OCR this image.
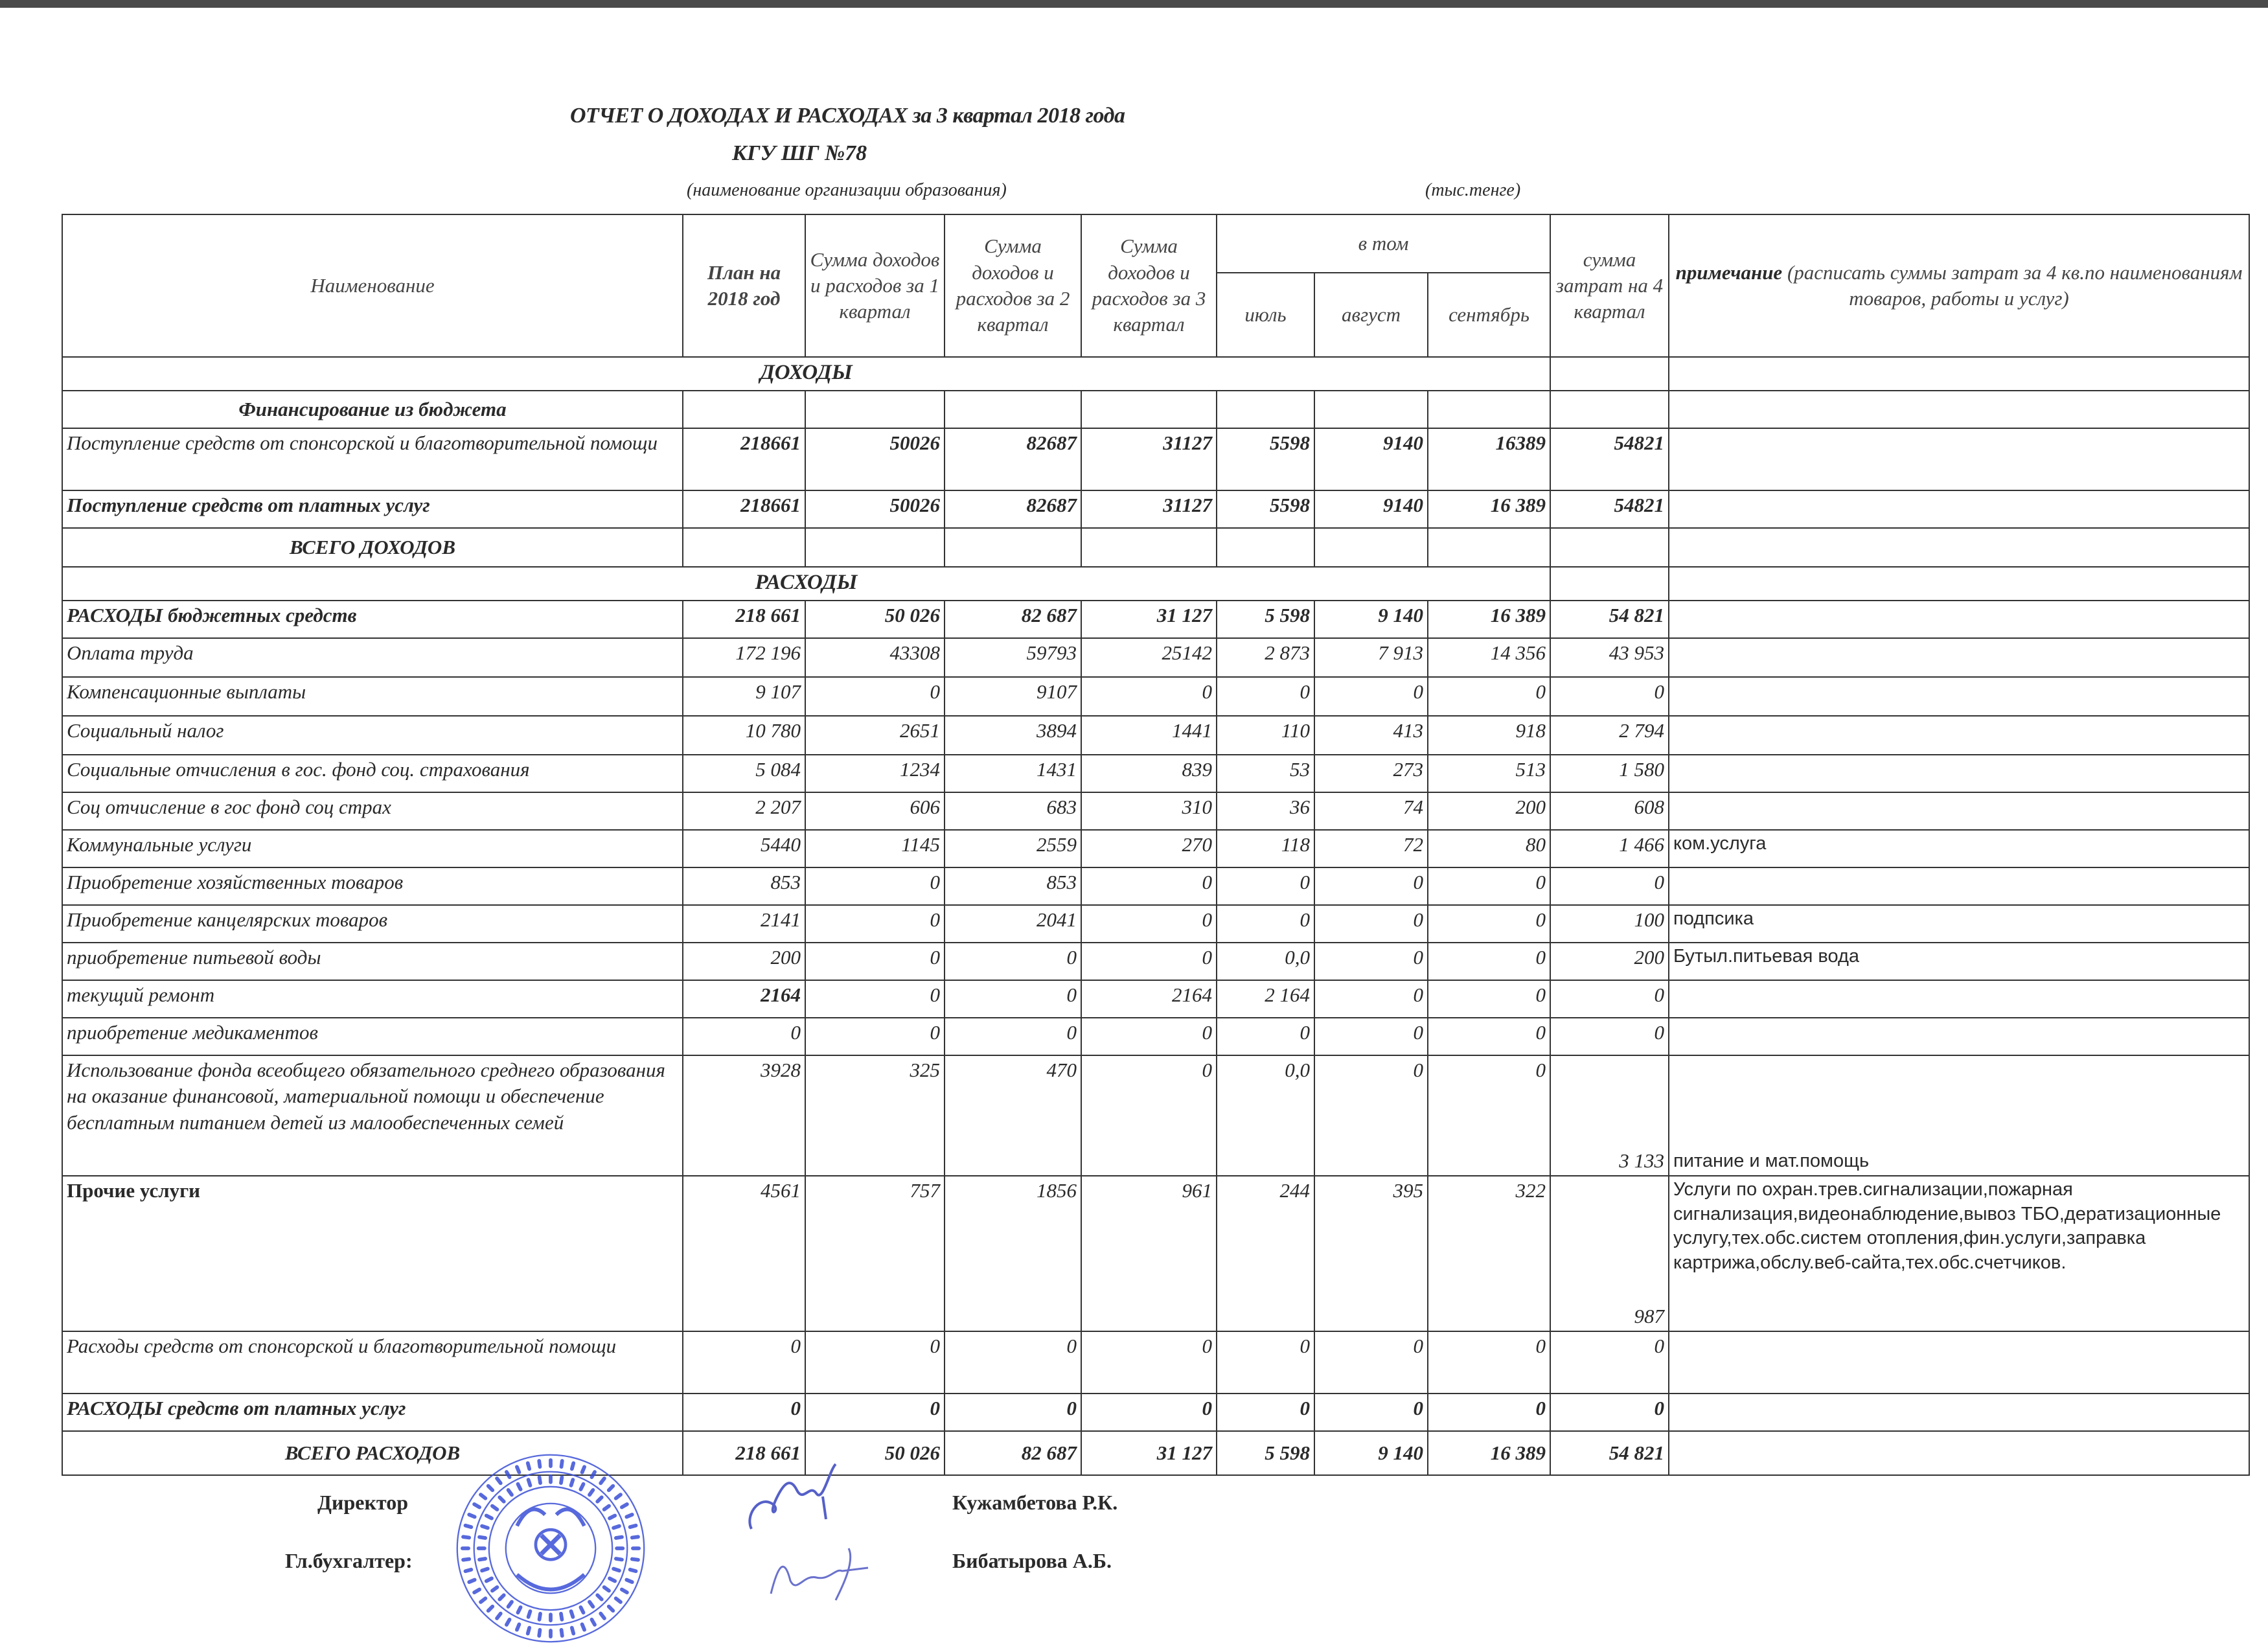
ОТЧЕТ О ДОХОДАХ И РАСХОДАХ за 3 квартал 2018 года
КГУ ШГ №78
(наименование организации образования)	(тыс.тенге)
Наименование	План на 2018 год	Сумма доходов и расходов за 1 квартал	Сумма доходов и расходов за 2 квартал	Сумма доходов и расходов за 3 квартал	в том			сумма затрат на 4 квартал	примечание (расписать суммы затрат за 4 кв.по наименованиям товаров, работы и услуг)
					июль	август	сентябрь		
ДОХОДЫ									
Финансирование из бюджета									
Поступление средств от спонсорской и благотворительной помощи	218661	50026	82687	31127	5598	9140	16389	54821	
Поступление средств от платных услуг	218661	50026	82687	31127	5598	9140	16 389	54821	
ВСЕГО ДОХОДОВ									
РАСХОДЫ									
РАСХОДЫ бюджетных средств	218 661	50 026	82 687	31 127	5 598	9 140	16 389	54 821	
Оплата труда	172 196	43308	59793	25142	2 873	7 913	14 356	43 953	
Компенсационные выплаты	9 107	0	9107	0	0	0	0	0	
Социальный налог	10 780	2651	3894	1441	110	413	918	2 794	
Социальные отчисления в гос. фонд соц. страхования	5 084	1234	1431	839	53	273	513	1 580	
Соц отчисление в гос фонд соц страх	2 207	606	683	310	36	74	200	608	
Коммунальные услуги	5440	1145	2559	270	118	72	80	1 466	ком.услуга
Приобретение хозяйственных товаров	853	0	853	0	0	0	0	0	
Приобретение канцелярских товаров	2141	0	2041	0	0	0	0	100	подпсика
приобретение питьевой воды	200	0	0	0	0,0	0	0	200	Бутыл.питьевая вода
текущий ремонт	2164	0	0	2164	2 164	0	0	0	
приобретение медикаментов	0	0	0	0	0	0	0	0	
Использование фонда всеобщего обязательного среднего образования на оказание финансовой, материальной помощи и обеспечение бесплатным питанием детей из малообеспеченных семей	3928	325	470	0	0,0	0	0	3 133	питание и мат.помощь
Прочие услуги	4561	757	1856	961	244	395	322	987	Услуги по охран.трев.сигнализации,пожарная сигнализация,видеонаблюдение,вывоз ТБО,дератизационные услугу,тех.обс.систем отопления,фин.услуги,заправка картрижа,обслу.веб-сайта,тех.обс.счетчиков.
Расходы средств от спонсорской и благотворительной помощи	0	0	0	0	0	0	0	0	
РАСХОДЫ средств от платных услуг	0	0	0	0	0	0	0	0	
ВСЕГО РАСХОДОВ	218 661	50 026	82 687	31 127	5 598	9 140	16 389	54 821	
Директор
Гл.бухгалтер:
Кужамбетова Р.К.
Бибатырова А.Б.
